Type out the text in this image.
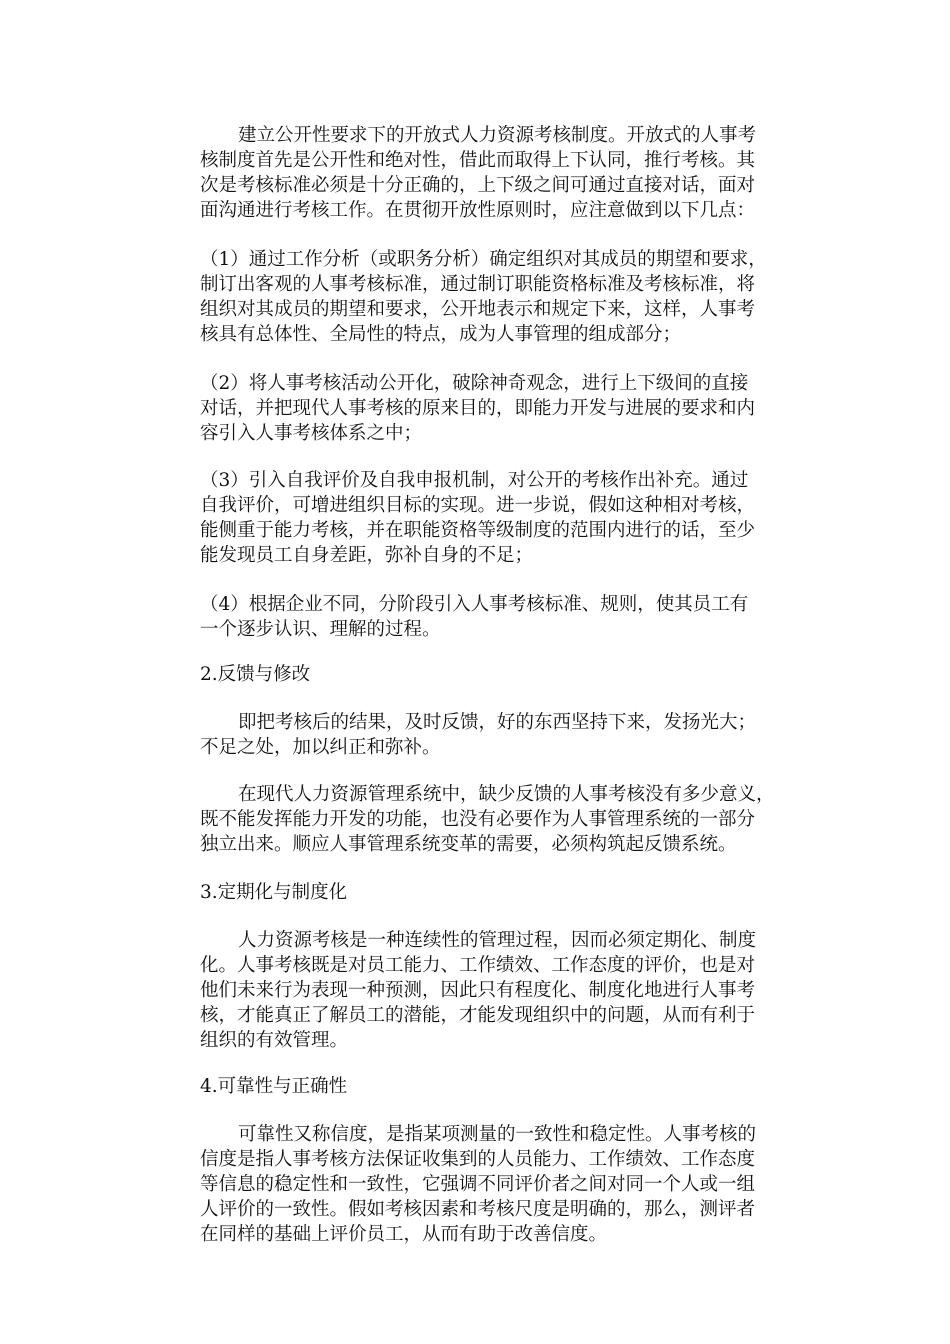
建立公开性要求下的开放式人力资源考核制度。开放式的人事考
核制度首先是公开性和绝对性，借此而取得上下认同，推行考核。其
次是考核标准必须是十分正确的，上下级之间可通过直接对话，面对
面沟通进行考核工作。在贯彻开放性原则时，应注意做到以下几点：
（1）通过工作分析（或职务分析）确定组织对其成员的期望和要求，
制订出客观的人事考核标准，通过制订职能资格标准及考核标准，将
组织对其成员的期望和要求，公开地表示和规定下来，这样，人事考
核具有总体性、全局性的特点，成为人事管理的组成部分；
（2）将人事考核活动公开化，破除神奇观念，进行上下级间的直接
对话，并把现代人事考核的原来目的，即能力开发与进展的要求和内
容引入人事考核体系之中；
（3）引入自我评价及自我申报机制，对公开的考核作出补充。通过
自我评价，可增进组织目标的实现。进一步说，假如这种相对考核，
能侧重于能力考核，并在职能资格等级制度的范围内进行的话，至少
能发现员工自身差距，弥补自身的不足；
（4）根据企业不同，分阶段引入人事考核标准、规则，使其员工有
一个逐步认识、理解的过程。
2.反馈与修改
即把考核后的结果，及时反馈，好的东西坚持下来，发扬光大；
不足之处，加以纠正和弥补。
在现代人力资源管理系统中，缺少反馈的人事考核没有多少意义，
既不能发挥能力开发的功能，也没有必要作为人事管理系统的一部分
独立出来。顺应人事管理系统变革的需要，必须构筑起反馈系统。
3.定期化与制度化
人力资源考核是一种连续性的管理过程，因而必须定期化、制度
化。人事考核既是对员工能力、工作绩效、工作态度的评价，也是对
他们未来行为表现一种预测，因此只有程度化、制度化地进行人事考
核，才能真正了解员工的潜能，才能发现组织中的问题，从而有利于
组织的有效管理。
4.可靠性与正确性
可靠性又称信度，是指某项测量的一致性和稳定性。人事考核的
信度是指人事考核方法保证收集到的人员能力、工作绩效、工作态度
等信息的稳定性和一致性，它强调不同评价者之间对同一个人或一组
人评价的一致性。假如考核因素和考核尺度是明确的，那么，测评者
在同样的基础上评价员工，从而有助于改善信度。
